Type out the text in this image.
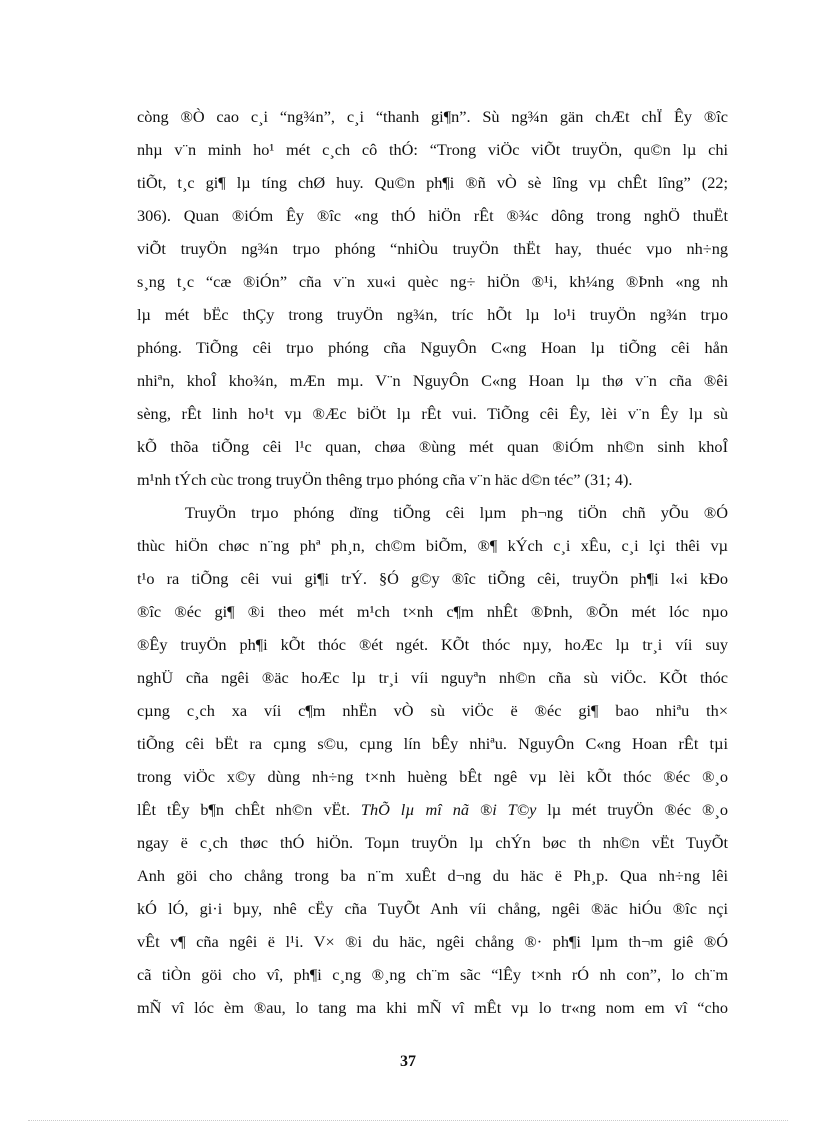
còng ®Ò cao c¸i “ng¾n”, c¸i “thanh gi¶n”. Sù ng¾n gän chÆt chÏ Êy ®îc
nhµ v¨n minh ho¹ mét c¸ch cô thÓ: “Trong viÖc viÕt truyÖn, qu©n lµ chi
tiÕt, t¸c gi¶ lµ tíng chØ huy. Qu©n ph¶i ®ñ vÒ sè lîng vµ chÊt lîng” (22;
306). Quan ®iÓm Êy ®îc «ng thÓ hiÖn rÊt ®¾c dông trong nghÖ thuËt
viÕt truyÖn ng¾n trµo phóng “nhiÒu truyÖn thËt hay, thuéc vµo nh÷ng
s¸ng t¸c “cæ ®iÓn” cña v¨n xu«i quèc ng÷ hiÖn ®¹i, kh¼ng ®Þnh «ng nh
lµ mét bËc thÇy trong truyÖn ng¾n, tríc hÕt lµ lo¹i truyÖn ng¾n trµo
phóng. TiÕng cêi trµo phóng cña NguyÔn C«ng Hoan lµ tiÕng cêi hån
nhiªn, khoÎ kho¾n, mÆn mµ. V¨n NguyÔn C«ng Hoan lµ thø v¨n cña ®êi
sèng, rÊt linh ho¹t vµ ®Æc biÖt lµ rÊt vui. TiÕng cêi Êy, lèi v¨n Êy lµ sù
kÕ thõa tiÕng cêi l¹c quan, chøa ®ùng mét quan ®iÓm nh©n sinh khoÎ
m¹nh tÝch cùc trong truyÖn thêng trµo phóng cña v¨n häc d©n téc” (31; 4).
TruyÖn trµo phóng dïng tiÕng cêi lµm ph¬ng tiÖn chñ yÕu ®Ó
thùc hiÖn chøc n¨ng phª ph¸n, ch©m biÕm, ®¶ kÝch c¸i xÊu, c¸i lçi thêi vµ
t¹o ra tiÕng cêi vui gi¶i trÝ. §Ó g©y ®îc tiÕng cêi, truyÖn ph¶i l«i kÐo
®îc ®éc gi¶ ®i theo mét m¹ch t×nh c¶m nhÊt ®Þnh, ®Õn mét lóc nµo
®Êy truyÖn ph¶i kÕt thóc ®ét ngét. KÕt thóc nµy, hoÆc lµ tr¸i víi suy
nghÜ cña ngêi ®äc hoÆc lµ tr¸i víi nguyªn nh©n cña sù viÖc. KÕt thóc
cµng c¸ch xa víi c¶m nhËn vÒ sù viÖc ë ®éc gi¶ bao nhiªu th×
tiÕng cêi bËt ra cµng s©u, cµng lín bÊy nhiªu. NguyÔn C«ng Hoan rÊt tµi
trong viÖc x©y dùng nh÷ng t×nh huèng bÊt ngê vµ lèi kÕt thóc ®éc ®¸o
lÊt tÊy b¶n chÊt nh©n vËt. ThÕ lµ mî nã ®i T©y lµ mét truyÖn ®éc ®¸o
ngay ë c¸ch thøc thÓ hiÖn. Toµn truyÖn lµ chÝn bøc th nh©n vËt TuyÕt
Anh göi cho chång trong ba n¨m xuÊt d¬ng du häc ë Ph¸p. Qua nh÷ng lêi
kÓ lÓ, gi·i bµy, nhê cËy cña TuyÕt Anh víi chång, ngêi ®äc hiÓu ®îc nçi
vÊt v¶ cña ngêi ë l¹i. V× ®i du häc, ngêi chång ®· ph¶i lµm th¬m giê ®Ó
cã tiÒn göi cho vî, ph¶i c¸ng ®¸ng ch¨m sãc “lÊy t×nh rÓ nh con”, lo ch¨m
mÑ vî lóc èm ®au, lo tang ma khi mÑ vî mÊt vµ lo tr«ng nom em vî “cho
37
